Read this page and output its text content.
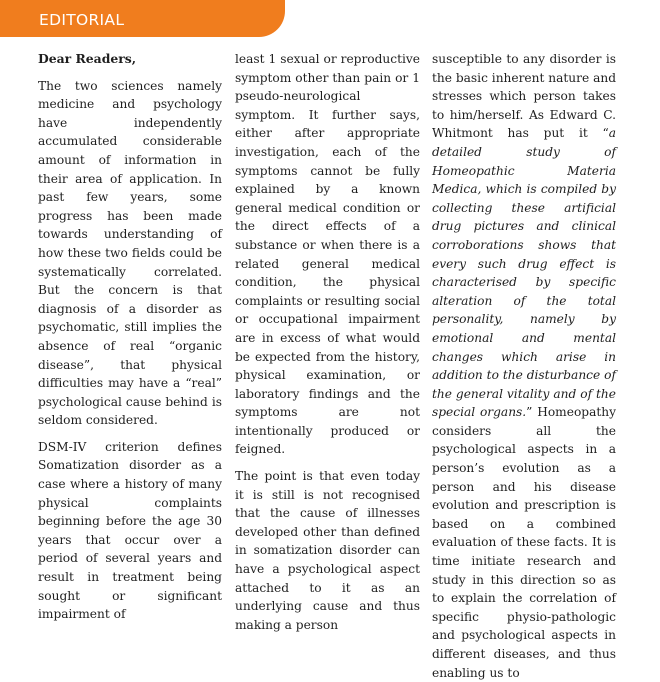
EDITORIAL

Dear Readers,

The two sciences namely medicine and psychology have independently accumulated considerable amount of information in their area of application. In past few years, some progress has been made towards understanding of how these two fields could be systematically correlated. But the concern is that diagnosis of a disorder as psychomatic, still implies the absence of real “organic disease”, that physical difficulties may have a “real” psychological cause behind is seldom considered.

DSM-IV criterion defines Somatization disorder as a case where a history of many physical complaints beginning before the age 30 years that occur over a period of several years and result in treatment being sought or significant impairment of

least 1 sexual or reproductive symptom other than pain or 1 pseudo-neurological symptom. It further says, either after appropriate investigation, each of the symptoms cannot be fully explained by a known general medical condition or the direct effects of a substance or when there is a related general medical condition, the physical complaints or resulting social or occupational impairment are in excess of what would be expected from the history, physical examination, or laboratory findings and the symptoms are not intentionally produced or feigned.

The point is that even today it is still is not recognised that the cause of illnesses developed other than defined in somatization disorder can have a psychological aspect attached to it as an underlying cause and thus making a person

susceptible to any disorder is the basic inherent nature and stresses which person takes to him/herself. As Edward C. Whitmont has put it “a detailed study of Homeopathic Materia Medica, which is compiled by collecting these artificial drug pictures and clinical corroborations shows that every such drug effect is characterised by specific alteration of the total personality, namely by emotional and mental changes which arise in addition to the disturbance of the general vitality and of the special organs.” Homeopathy considers all the psychological aspects in a person’s evolution as a person and his disease evolution and prescription is based on a combined evaluation of these facts. It is time initiate research and study in this direction so as to explain the correlation of specific physio-pathologic and psychological aspects in different diseases, and thus enabling us to
